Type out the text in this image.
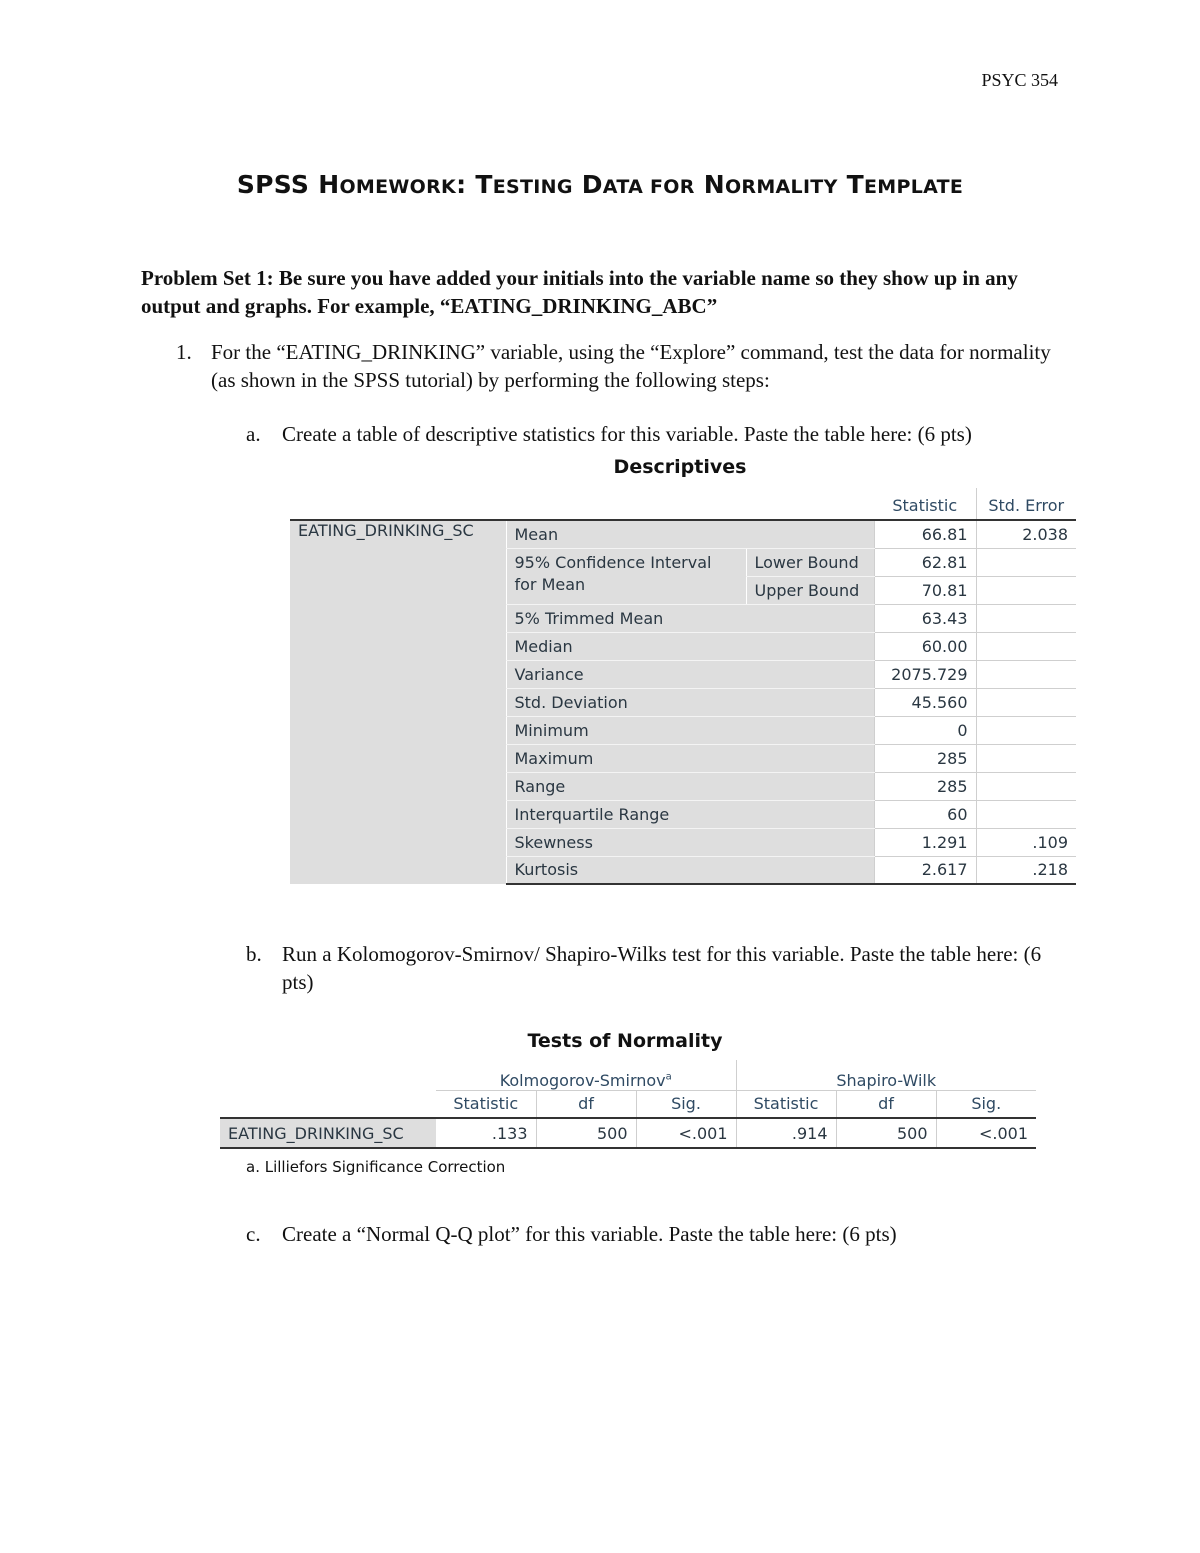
PSYC 354
SPSS HOMEWORK: TESTING DATA FOR NORMALITY TEMPLATE
Problem Set 1: Be sure you have added your initials into the variable name so they show up in any output and graphs. For example, “EATING_DRINKING_ABC”
1. For the “EATING_DRINKING” variable, using the “Explore” command, test the data for normality (as shown in the SPSS tutorial) by performing the following steps:
a. Create a table of descriptive statistics for this variable. Paste the table here: (6 pts)
Descriptives
			Statistic	Std. Error
EATING_DRINKING_SC	Mean		66.81	2.038
	95% Confidence Interval for Mean	Lower Bound	62.81	
		Upper Bound	70.81	
	5% Trimmed Mean		63.43	
	Median		60.00	
	Variance		2075.729	
	Std. Deviation		45.560	
	Minimum		0	
	Maximum		285	
	Range		285	
	Interquartile Range		60	
	Skewness		1.291	.109
	Kurtosis		2.617	.218
b. Run a Kolomogorov-Smirnov/ Shapiro-Wilks test for this variable. Paste the table here: (6 pts)
Tests of Normality
	Kolmogorov-Smirnov$^a$			Shapiro-Wilk		
	Statistic	df	Sig.	Statistic	df	Sig.
EATING_DRINKING_SC	.133	500	<.001	.914	500	<.001
a. Lilliefors Significance Correction
c. Create a “Normal Q-Q plot” for this variable. Paste the table here: (6 pts)
